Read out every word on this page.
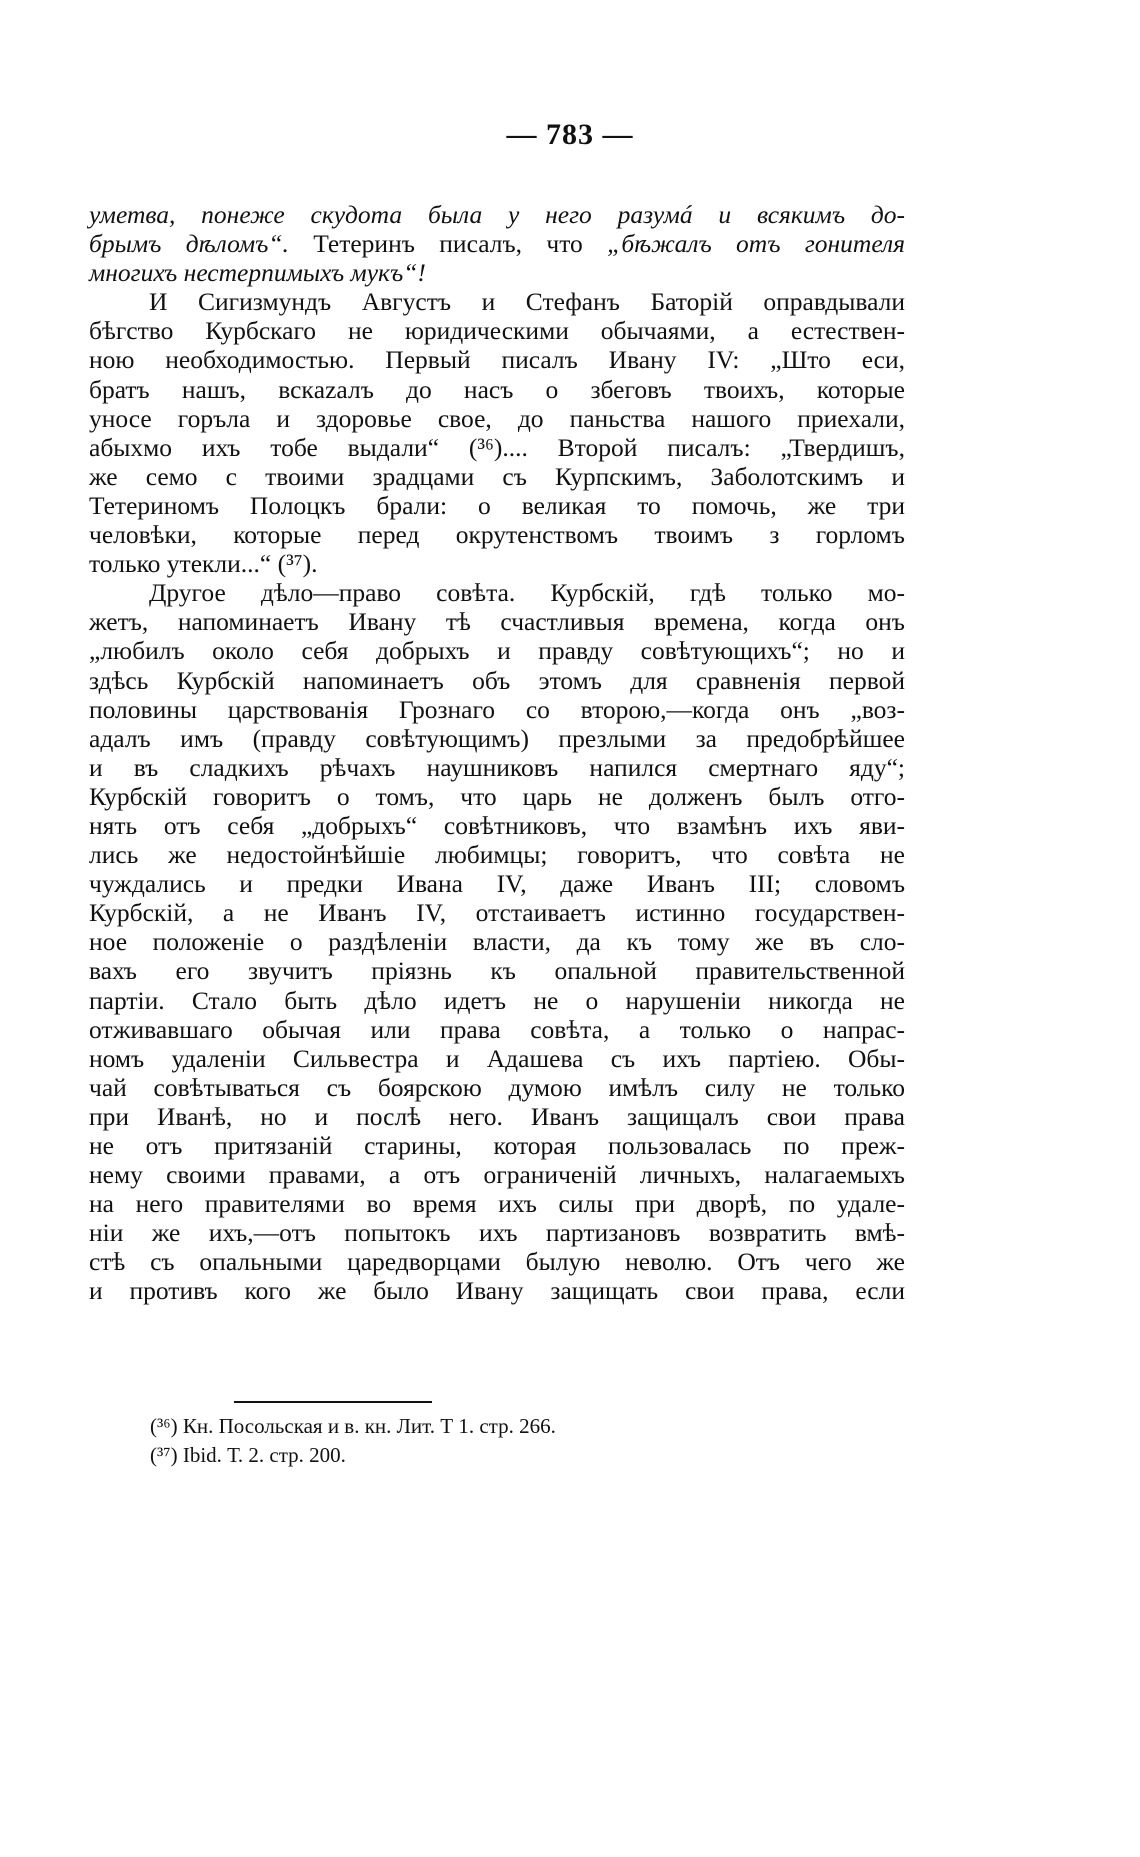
— 783 —
уметва, понеже скудота была у него разумá и всякимъ до-
брымъ дѣломъ“. Тетеринъ писалъ, что „бѣжалъ отъ гонителя
многихъ нестерпимыхъ мукъ“!
И Сигизмундъ Августъ и Стефанъ Баторій оправдывали
бѣгство Курбскаго не юридическими обычаями, а естествен-
ною необходимостью. Первый писалъ Ивану IV: „Што еси,
братъ нашъ, вскazалъ до насъ о збеговъ твоихъ, которые
уносе горъла и здоровье свое, до паньства нашого приехали,
абыхмо ихъ тобе выдали“ (³⁶).... Второй писалъ: „Твердишъ,
же семо с твоими зрадцами съ Курпскимъ, Заболотскимъ и
Тетериномъ Полоцкъ брали: о великая то помочь, же три
человѣки, которые перед окрутенствомъ твоимъ з горломъ
только утекли...“ (³⁷).
Другое дѣло—право совѣта. Курбскій, гдѣ только мо-
жетъ, напоминаетъ Ивану тѣ счастливыя времена, когда онъ
„любилъ около себя добрыхъ и правду совѣтующихъ“; но и
здѣсь Курбскій напоминаетъ объ этомъ для сравненія первой
половины царствованія Грознаго со второю,—когда онъ „воз-
адалъ имъ (правду совѣтующимъ) презлыми за предобрѣйшее
и въ сладкихъ рѣчахъ наушниковъ напился смертнаго яду“;
Курбскій говоритъ о томъ, что царь не долженъ былъ отго-
нять отъ себя „добрыхъ“ совѣтниковъ, что взамѣнъ ихъ яви-
лись же недостойнѣйшіе любимцы; говоритъ, что совѣта не
чуждались и предки Ивана IV, даже Иванъ III; словомъ
Курбскій, а не Иванъ IV, отстаиваетъ истинно государствен-
ное положеніе о раздѣленіи власти, да къ тому же въ сло-
вахъ его звучитъ пріязнь къ опальной правительственной
партіи. Стало быть дѣло идетъ не о нарушеніи никогда не
отживавшаго обычая или права совѣта, а только о напрас-
номъ удаленіи Сильвестра и Адашева съ ихъ партіею. Обы-
чай совѣтываться съ боярскою думою имѣлъ силу не только
при Иванѣ, но и послѣ него. Иванъ защищалъ свои права
не отъ притязаній старины, которая пользовалась по преж-
нему своими правами, а отъ ограниченій личныхъ, налагаемыхъ
на него правителями во время ихъ силы при дворѣ, по удале-
ніи же ихъ,—отъ попытокъ ихъ партизановъ возвратить вмѣ-
стѣ съ опальными царедворцами былую неволю. Отъ чего же
и противъ кого же было Ивану защищать свои права, если
(³⁶) Кн. Посольская и в. кн. Лит. Т 1. стр. 266.
(³⁷) Ibid. Т. 2. стр. 200.
